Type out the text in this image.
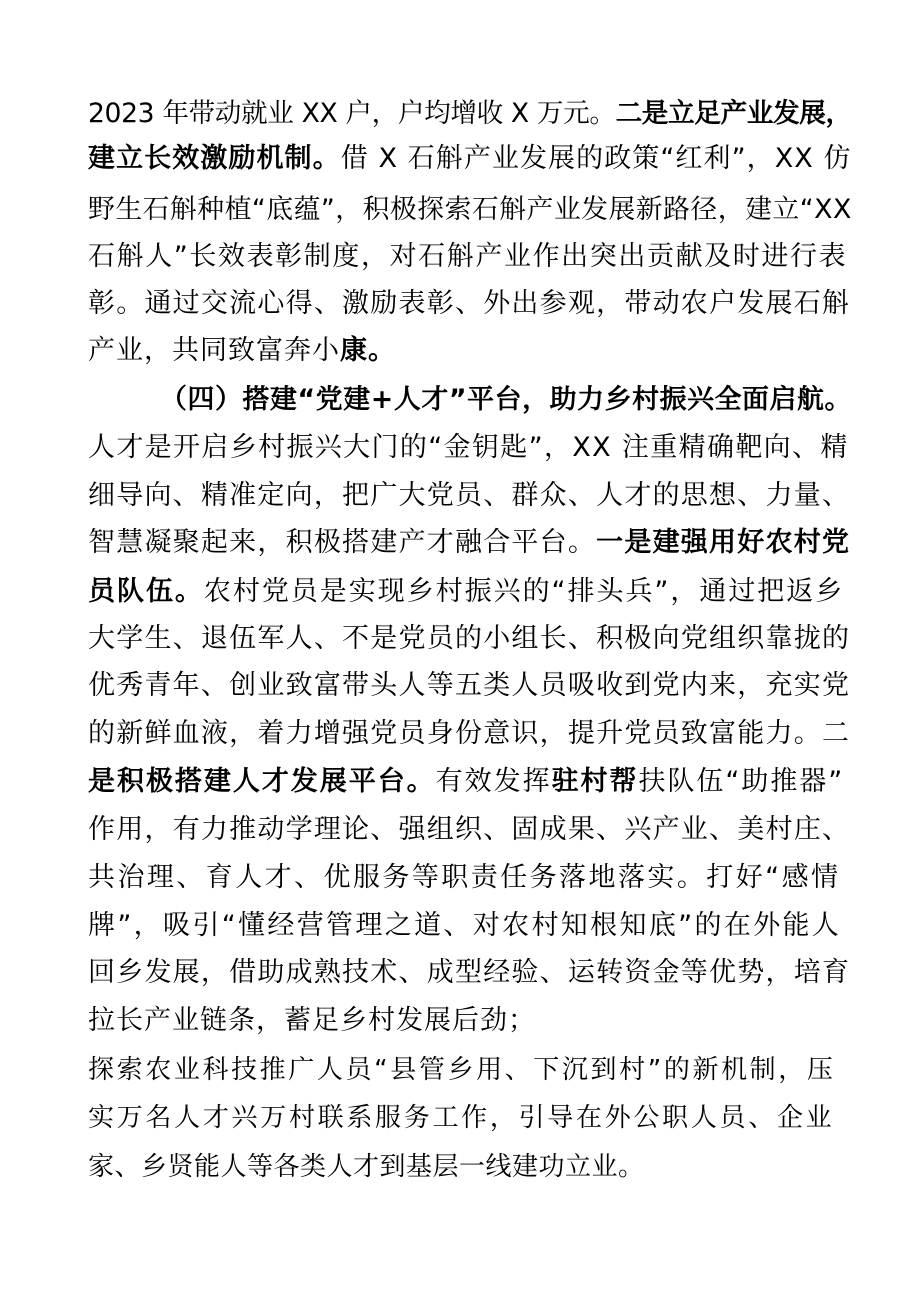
2023 年带动就业 XX 户，户均增收 X 万元。二是立足产业发展，
建立长效激励机制。借 X 石斛产业发展的政策“红利”，XX 仿
野生石斛种植“底蕴”，积极探索石斛产业发展新路径，建立“XX
石斛人”长效表彰制度，对石斛产业作出突出贡献及时进行表
彰。通过交流心得、激励表彰、外出参观，带动农户发展石斛
产业，共同致富奔小康。
（四）搭建“党建+人才”平台，助力乡村振兴全面启航。
人才是开启乡村振兴大门的“金钥匙”，XX 注重精确靶向、精
细导向、精准定向，把广大党员、群众、人才的思想、力量、
智慧凝聚起来，积极搭建产才融合平台。一是建强用好农村党
员队伍。农村党员是实现乡村振兴的“排头兵”，通过把返乡
大学生、退伍军人、不是党员的小组长、积极向党组织靠拢的
优秀青年、创业致富带头人等五类人员吸收到党内来，充实党
的新鲜血液，着力增强党员身份意识，提升党员致富能力。二
是积极搭建人才发展平台。有效发挥驻村帮扶队伍“助推器”
作用，有力推动学理论、强组织、固成果、兴产业、美村庄、
共治理、育人才、优服务等职责任务落地落实。打好“感情
牌”，吸引“懂经营管理之道、对农村知根知底”的在外能人
回乡发展，借助成熟技术、成型经验、运转资金等优势，培育
拉长产业链条，蓄足乡村发展后劲；
探索农业科技推广人员“县管乡用、下沉到村”的新机制，压
实万名人才兴万村联系服务工作，引导在外公职人员、企业
家、乡贤能人等各类人才到基层一线建功立业。
